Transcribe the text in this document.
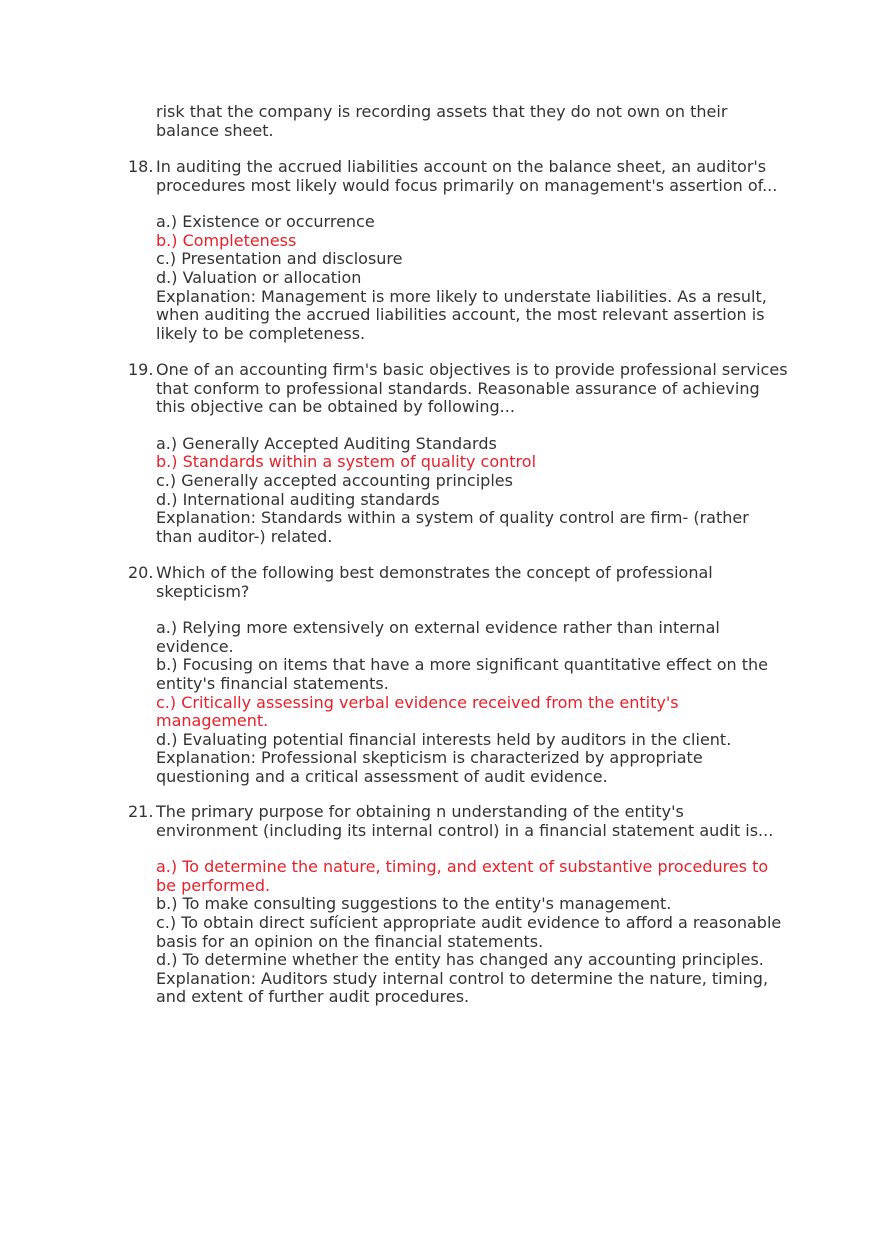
risk that the company is recording assets that they do not own on their balance sheet.

18. In auditing the accrued liabilities account on the balance sheet, an auditor's procedures most likely would focus primarily on management's assertion of...

a.) Existence or occurrence

b.) Completeness

c.) Presentation and disclosure

d.) Valuation or allocation

Explanation: Management is more likely to understate liabilities. As a result, when auditing the accrued liabilities account, the most relevant assertion is likely to be completeness.

19. One of an accounting firm's basic objectives is to provide professional services that conform to professional standards. Reasonable assurance of achieving this objective can be obtained by following...

a.) Generally Accepted Auditing Standards

b.) Standards within a system of quality control

c.) Generally accepted accounting principles

d.) International auditing standards

Explanation: Standards within a system of quality control are firm- (rather than auditor-) related.

20. Which of the following best demonstrates the concept of professional skepticism?

a.) Relying more extensively on external evidence rather than internal evidence.

b.) Focusing on items that have a more significant quantitative effect on the entity's financial statements.

c.) Critically assessing verbal evidence received from the entity's management.

d.) Evaluating potential financial interests held by auditors in the client.

Explanation: Professional skepticism is characterized by appropriate questioning and a critical assessment of audit evidence.

21. The primary purpose for obtaining n understanding of the entity's environment (including its internal control) in a financial statement audit is...

a.) To determine the nature, timing, and extent of substantive procedures to be performed.

b.) To make consulting suggestions to the entity's management.

c.) To obtain direct sufı́cient appropriate audit evidence to afford a reasonable basis for an opinion on the financial statements.

d.) To determine whether the entity has changed any accounting principles.

Explanation: Auditors study internal control to determine the nature, timing, and extent of further audit procedures.
